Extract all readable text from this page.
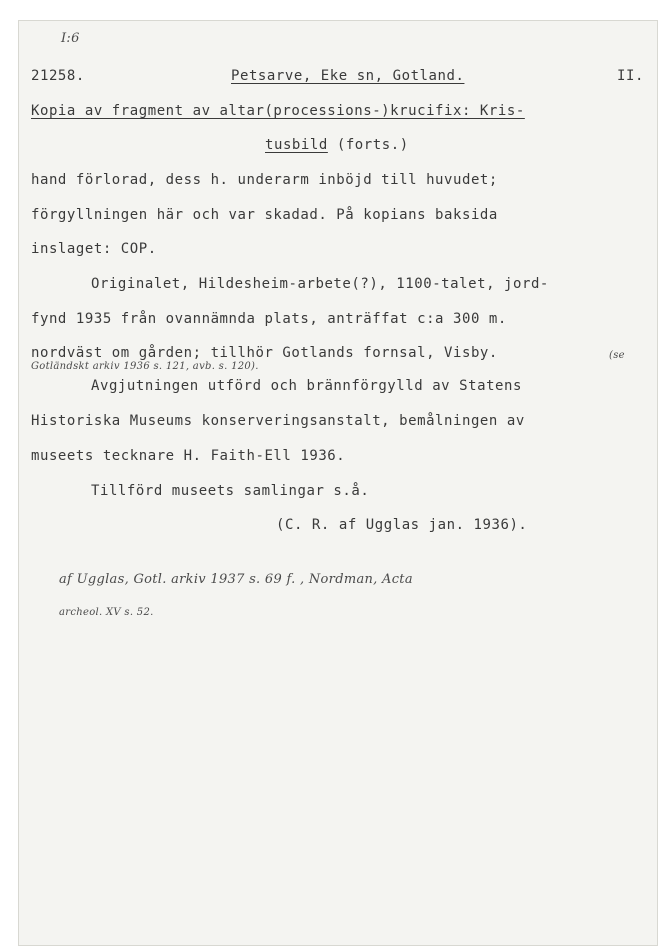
I:6
II.
21258.	Petsarve, Eke sn, Gotland.
Kopia av fragment av altar(processions-)krucifix: Kris-
tusbild (forts.)
hand förlorad, dess h. underarm inböjd till huvudet;
förgyllningen här och var skadad. På kopians baksida
inslaget: COP.
Originalet, Hildesheim-arbete(?), 1100-talet, jord-
fynd 1935 från ovannämnda plats, anträffat c:a 300 m.
nordväst om gården; tillhör Gotlands fornsal, Visby.	(se
Gotländskt arkiv 1936 s. 121, avb. s. 120).
Avgjutningen utförd och brännförgylld av Statens
Historiska Museums konserveringsanstalt, bemålningen av
museets tecknare H. Faith-Ell 1936.
Tillförd museets samlingar s.å.
(C. R. af Ugglas jan. 1936).
af Ugglas, Gotl. arkiv 1937 s. 69 f. , Nordman, Acta
archeol. XV s. 52.
